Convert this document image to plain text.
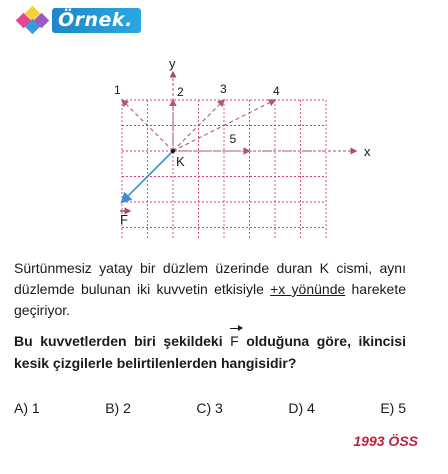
Örnek.
x
y
1	2	3	4
5
F
K
Sürtünmesiz yatay bir düzlem üzerinde duran K cismi, aynı düzlemde bulunan iki kuvvetin etkisiyle +x yönünde harekete geçiriyor.
Bu kuvvetlerden biri şekildeki F olduğuna göre, ikincisi kesik çizgilerle belirtilenlerden hangisidir?
A) 1	B) 2	C) 3	D) 4	E) 5
1993 ÖSS
